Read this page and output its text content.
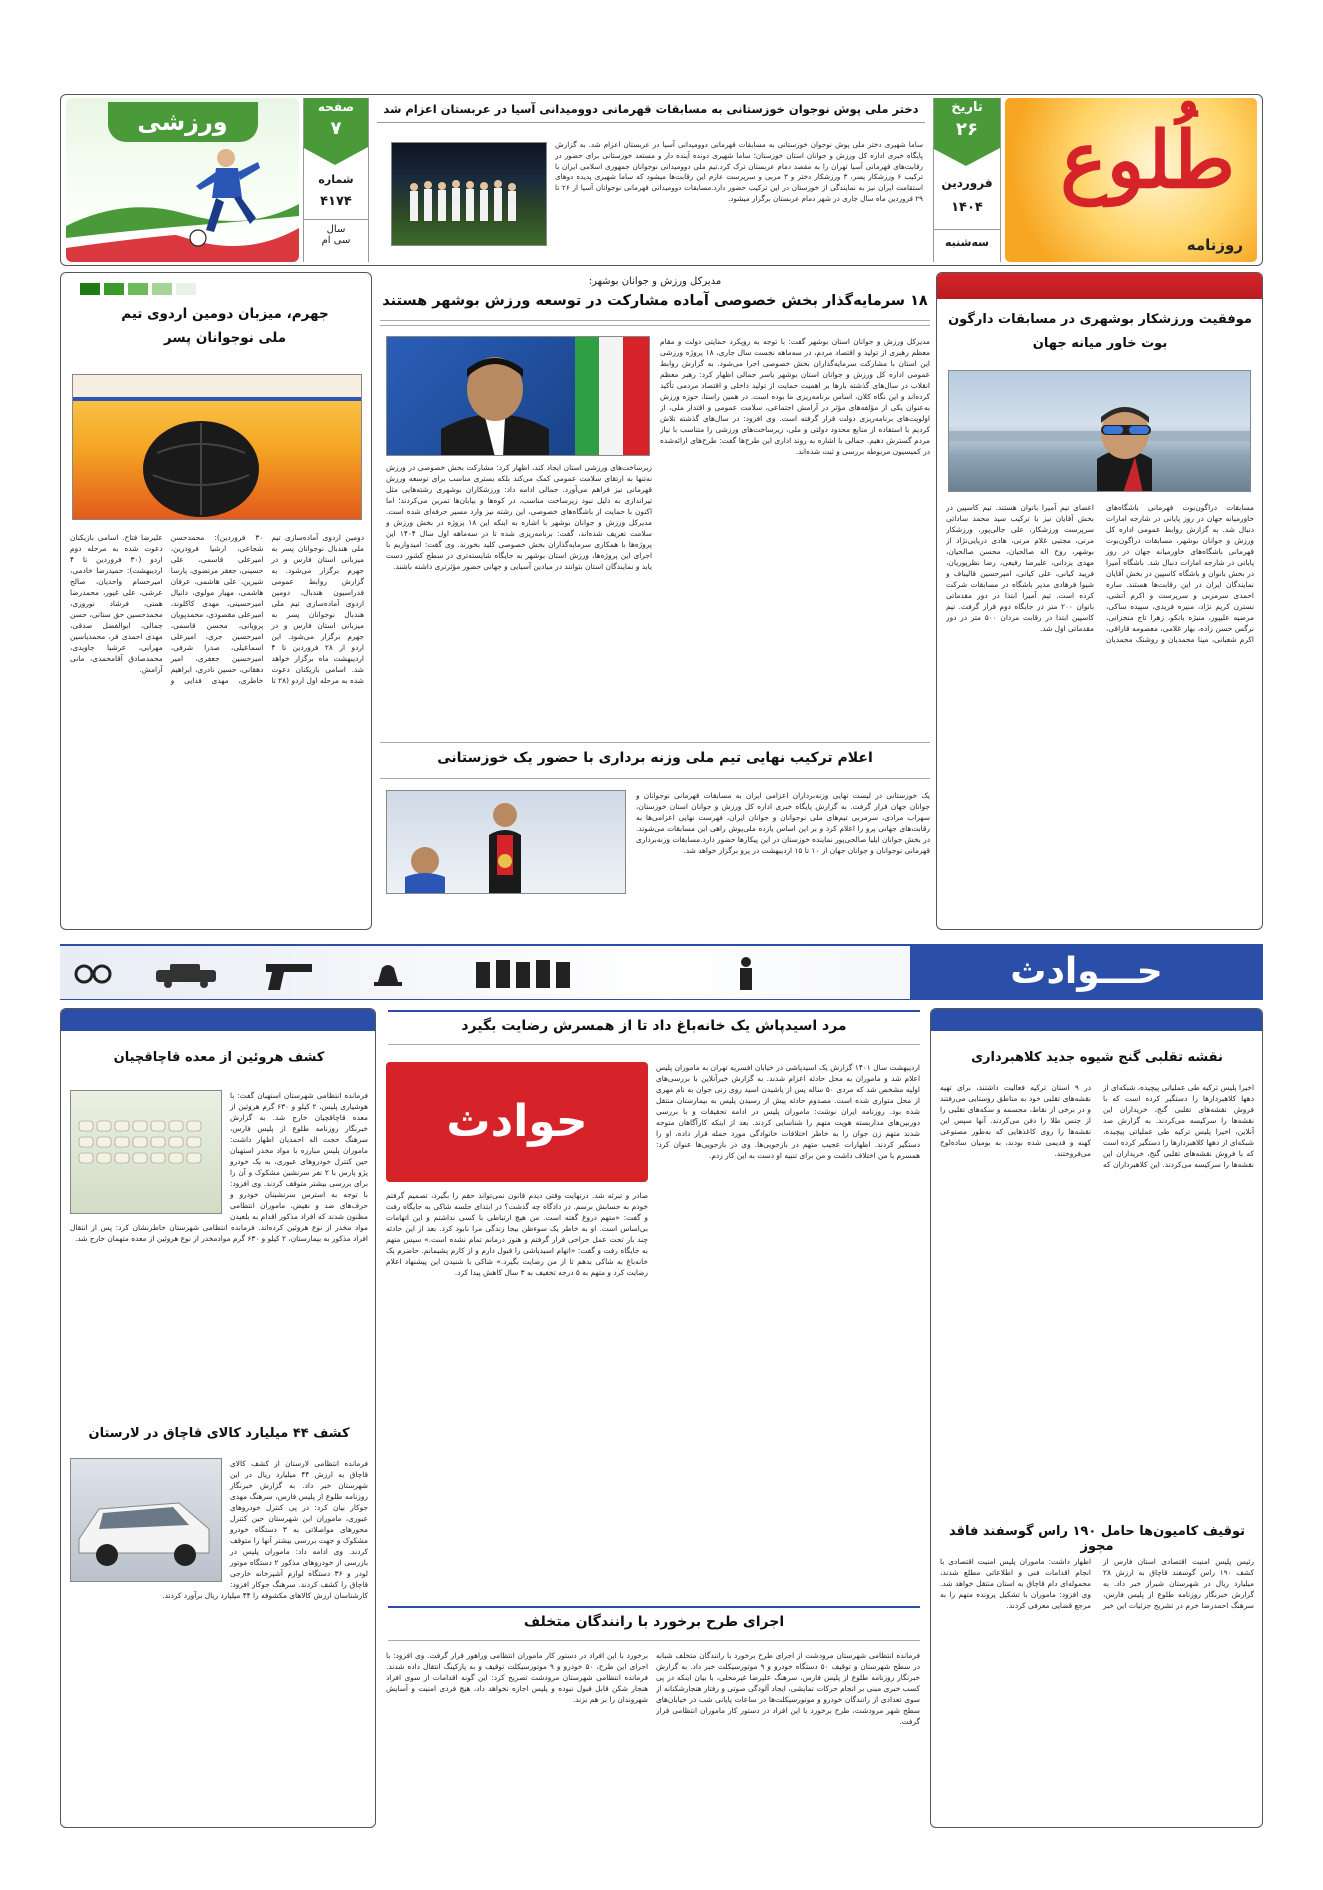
طُلوع
روزنامه
تاریخ
۲۶
فروردین
۱۴۰۴
سه‌شنبه
دختر ملی پوش نوجوان خوزستانی به مسابقات قهرمانی دوومیدانی آسیا در عربستان اعزام شد
ساما شهیری دختر ملی پوش نوجوان خوزستانی به مسابقات قهرمانی دوومیدانی آسیا در عربستان اعزام شد. به گزارش پایگاه خبری اداره کل ورزش و جوانان استان خوزستان؛ ساما شهیری دونده آینده دار و مستعد خوزستانی برای حضور در رقابت‌های قهرمانی آسیا تهران را به مقصد دمام عربستان ترک کرد.تیم ملی دوومیدانی نوجوانان جمهوری اسلامی ایران با ترکیب ۶ ورزشکار پسر، ۳ ورزشکار دختر و ۳ مربی و سرپرست عازم این رقابت‌ها میشود که ساما شهیری پدیده دوهای استقامت ایران نیز به نمایندگی از خوزستان در این ترکیب حضور دارد.مسابقات دوومیدانی قهرمانی نوجوانان آسیا از ۲۶ تا ۲۹ فروردین ماه سال جاری در شهر دمام عربستان برگزار میشود.
صفحه
۷
شماره
۴۱۷۴
سال
سی ام
ورزشی
موفقیت ورزشکار بوشهری در مسابقات دارگون بوت خاور میانه جهان
مسابقات دراگون‌بوت قهرمانی باشگاه‌های خاورمیانه جهان در روز پایانی در شارجه امارات دنبال شد. به گزارش روابط عمومی اداره کل ورزش و جوانان بوشهر، مسابقات دراگون‌بوت قهرمانی باشگاه‌های خاورمیانه جهان در روز پایانی در شارجه امارات دنبال شد. باشگاه آمیرا در بخش بانوان و باشگاه کاسپین در بخش آقایان نمایندگان ایران در این رقابت‌ها هستند. ساره احمدی سرمربی و سرپرست و اکرم آتشی، نسترن کریم نژاد، منیره فریدی، سپیده ساکی، مرضیه علیپور، منیژه بانکو، زهرا تاج منجزانی، نرگس حسن زاده، بهار غلامی، معصومه قاراقی، اکرم شعبانی، مینا محمدیان و روشنک محمدیان اعضای تیم آمیرا بانوان هستند. تیم کاسپین در بخش آقایان نیز با ترکیب سید محمد ساداتی سرپرست ورزشکار، علی جالی‌پور، ورزشکار مرنی، مجتبی غلام مرنی، هادی دریایی‌نژاد از بوشهر، روح اله صالحیان، محسن صالحیان، مهدی یزدانی، علیرضا رفیعی، رضا نظرپوریان، فریبد کیانی، علی کیانی، امیرحسین قالیباف و شیوا فرهادی مدیر باشگاه در مسابقات شرکت کرده است. تیم آمیرا ابتدا در دور مقدماتی بانوان ۲۰۰ متر در جایگاه دوم قرار گرفت. تیم کاسپین ابتدا در رقابت مردان ۵۰۰ متر در دور مقدماتی اول شد.
مدیرکل ورزش و جوانان بوشهر:
۱۸ سرمایه‌گذار بخش خصوصی آماده مشارکت در توسعه ورزش بوشهر هستند
مدیرکل ورزش و جوانان استان بوشهر گفت: با توجه به رویکرد حمایتی دولت و مقام معظم رهبری از تولید و اقتصاد مردم، در سه‌ماهه نخست سال جاری، ۱۸ پروژه ورزشی این استان با مشارکت سرمایه‌گذاران بخش خصوصی اجرا می‌شود. به گزارش روابط عمومی اداره کل ورزش و جوانان استان بوشهر یاسر جمالی اظهار کرد: رهبر معظم انقلاب در سال‌های گذشته بارها بر اهمیت حمایت از تولید داخلی و اقتصاد مردمی تأکید کرده‌اند و این نگاه کلان، اساس برنامه‌ریزی ما بوده است. در همین راستا، حوزه ورزش به‌عنوان یکی از مؤلفه‌های مؤثر در آرامش اجتماعی، سلامت عمومی و اقتدار ملی، از اولویت‌های برنامه‌ریزی دولت قرار گرفته است. وی افزود: در سال‌های گذشته تلاش کردیم با استفاده از منابع محدود دولتی و ملی، زیرساخت‌های ورزشی را متناسب با نیاز مردم گسترش دهیم. جمالی با اشاره به روند اداری این طرح‌ها گفت: طرح‌های ارائه‌شده در کمیسیون مربوطه بررسی و ثبت شده‌اند.
زیرساخت‌های ورزشی استان ایجاد کند، اظهار کرد: مشارکت بخش خصوصی در ورزش نه‌تنها به ارتقای سلامت عمومی کمک می‌کند بلکه بستری مناسب برای توسعه ورزش قهرمانی نیز فراهم می‌آورد. جمالی ادامه داد: ورزشکاران بوشهری رشته‌هایی مثل تیراندازی به دلیل نبود زیرساخت مناسب، در کوه‌ها و بیابان‌ها تمرین می‌کردند؛ اما اکنون با حمایت از باشگاه‌های خصوصی، این رشته نیز وارد مسیر حرفه‌ای شده است. مدیرکل ورزش و جوانان بوشهر با اشاره به اینکه این ۱۸ پروژه در بخش ورزش و سلامت تعریف شده‌اند، گفت: برنامه‌ریزی شده تا در سه‌ماهه اول سال ۱۴۰۴ این پروژه‌ها با همکاری سرمایه‌گذاران بخش خصوصی کلید بخورند. وی گفت: امیدواریم با اجرای این پروژه‌ها، ورزش استان بوشهر به جایگاه شایسته‌تری در سطح کشور دست یابد و نمایندگان استان بتوانند در میادین آسیایی و جهانی حضور مؤثرتری داشته باشند.
اعلام ترکیب نهایی تیم ملی وزنه برداری با حضور یک خوزستانی
یک خوزستانی در لیست نهایی وزنه‌برداران اعزامی ایران به مسابقات قهرمانی نوجوانان و جوانان جهان قرار گرفت. به گزارش پایگاه خبری اداره کل ورزش و جوانان استان خوزستان، سهراب مرادی، سرمربی تیم‌های ملی نوجوانان و جوانان ایران، فهرست نهایی اعزامی‌ها به رقابت‌های جهانی پرو را اعلام کرد و بر این اساس یازده ملی‌پوش راهی این مسابقات می‌شوند. در بخش جوانان ایلیا صالحی‌پور نماینده خوزستان در این پیکارها حضور دارد.مسابقات وزنه‌برداری قهرمانی نوجوانان و جوانان جهان از ۱۰ تا ۱۵ اردیبهشت در پرو برگزار خواهد شد.
جهرم، میزبان دومین اردوی تیم ملی نوجوانان پسر
دومین اردوی آماده‌سازی تیم ملی هندبال نوجوانان پسر به میزبانی استان فارس و در جهرم برگزار می‌شود. به گزارش روابط عمومی فدراسیون هندبال، دومین اردوی آماده‌سازی تیم ملی هندبال نوجوانان پسر به میزبانی استان فارس و در جهرم برگزار می‌شود. این اردو از ۲۸ فروردین تا ۴ اردیبهشت ماه برگزار خواهد شد. اسامی بازیکنان دعوت شده به مرحله اول اردو (۲۸ تا ۳۰ فروردین): محمدحسن شجاعی، ارشیا فرودرین، امیرعلی قاسمی، علی حسینی، جعفر مرتضوی، پارسا شیرین، علی هاشمی، عرفان هاشمی، مهیار مولوی، دانیال امیرحسینی، مهدی کاکلوند، امیرعلی مقصودی، محمدپویان پرویانی، محسن قاسمی، امیرحسین جری، امیرعلی اسماعیلی، صدرا شرفی، امیرحسین جعفری، امیر دهقانی، حسین نادری، ابراهیم خاطری، مهدی فدایی و علیرضا فتاح. اسامی بازیکنان دعوت شده به مرحله دوم اردو (۳۰ فروردین تا ۴ اردیبهشت): حمیدرضا خادمی، امیرحسام واحدیان، صالح عرشی، علی غیور، محمدرضا همتی، فرشاد نوروزی، محمدحسین حق ستانی، حسن جمالی، ابوالفضل صدقی، مهدی احمدی فر، محمدیاسین مهرابی، عرشیا جاویدی، محمدصادق آقامحمدی، مانی آرامش.
حـــوادث
نقشه تقلبی گنج شیوه جدید کلاهبرداری
اخیرا پلیس ترکیه طی عملیاتی پیچیده، شبکه‌ای از دهها کلاهبردارها را دستگیر کرده است که با فروش نقشه‌های تقلبی گنج، خریداران این نقشه‌ها را سرکیسه می‌کردند. به گزارش صد آنلاین، اخیرا پلیس ترکیه طی عملیاتی پیچیده، شبکه‌ای از دهها کلاهبردارها را دستگیر کرده است که با فروش نقشه‌های تقلبی گنج، خریداران این نقشه‌ها را سرکیسه می‌کردند. این کلاهبرداران که در ۹ استان ترکیه فعالیت داشتند، برای تهیه نقشه‌های تقلبی خود به مناطق روستایی می‌رفتند و در برخی از نقاط، مجسمه و سکه‌های تقلبی را از جنس طلا را دفن می‌کردند. آنها سپس این نقشه‌ها را روی کاغذهایی که به‌طور مصنوعی کهنه و قدیمی شده بودند، به بومیان ساده‌لوح می‌فروختند.
توقیف کامیون‌ها حامل ۱۹۰ راس گوسفند فاقد مجوز
رئیس پلیس امنیت اقتصادی استان فارس از کشف ۱۹۰ راس گوسفند قاچاق به ارزش ۲۸ میلیارد ریال در شهرستان شیراز خبر داد. به گزارش خبرنگار روزنامه طلوع از پلیس فارس، سرهنگ احمدرضا خرم در تشریح جزئیات این خبر اظهار داشت: ماموران پلیس امنیت اقتصادی با انجام اقدامات فنی و اطلاعاتی مطلع شدند، محموله‌ای دام قاچاق به استان منتقل خواهد شد. وی افزود: ماموران با تشکیل پرونده متهم را به مرجع قضایی معرفی کردند.
مرد اسیدپاش یک خانه‌باغ داد تا از همسرش رضایت بگیرد
حوادث
اردیبهشت سال ۱۴۰۱ گزارش یک اسیدپاشی در خیابان افسریه تهران به ماموران پلیس اعلام شد و ماموران به محل حادثه اعزام شدند. به گزارش خبرآنلاین با بررسی‌های اولیه مشخص شد که مردی ۵۰ ساله پس از پاشیدن اسید روی زنی جوان به نام مهری از محل متواری شده است. مصدوم حادثه پیش از رسیدن پلیس به بیمارستان منتقل شده بود. روزنامه ایران نوشت: ماموران پلیس در ادامه تحقیقات و با بررسی دوربین‌های مداربسته هویت متهم را شناسایی کردند. بعد از اینکه کارآگاهان متوجه شدند متهم زن جوان را به خاطر اختلافات خانوادگی مورد حمله قرار داده، او را دستگیر کردند. اظهارات عجیب متهم در بازجویی‌ها. وی در بازجویی‌ها عنوان کرد: همسرم با من اختلاف داشت و من برای تنبیه او دست به این کار زدم.
صادر و تبرئه شد. درنهایت وقتی دیدم قانون نمی‌تواند حقم را بگیرد، تصمیم گرفتم خودم به حسابش برسم. در دادگاه چه گذشت؟ در ابتدای جلسه شاکی به جایگاه رفت و گفت: «متهم دروغ گفته است. من هیچ ارتباطی با کسی نداشتم و این اتهامات بی‌اساس است. او به خاطر یک سوءظن بیجا زندگی مرا نابود کرد. بعد از این حادثه چند بار تحت عمل جراحی قرار گرفتم و هنوز درمانم تمام نشده است.» سپس متهم به جایگاه رفت و گفت: «اتهام اسیدپاشی را قبول دارم و از کارم پشیمانم. حاضرم یک خانه‌باغ به شاکی بدهم تا از من رضایت بگیرد.» شاکی با شنیدن این پیشنهاد اعلام رضایت کرد و متهم به ۵ درجه تخفیف به ۳ سال کاهش پیدا کرد.
اجرای طرح برخورد با رانندگان متخلف
فرمانده انتظامی شهرستان مرودشت از اجرای طرح برخورد با رانندگان متخلف شبانه در سطح شهرستان و توقیف ۵۰ دستگاه خودرو و ۹ موتورسیکلت خبر داد. به گزارش خبرنگار روزنامه طلوع از پلیس فارس، سرهنگ علیرضا غیرمحلی، با بیان اینکه در پی کسب خبری مبنی بر انجام حرکات نمایشی، ایجاد آلودگی صوتی و رفتار هنجارشکنانه از سوی تعدادی از رانندگان خودرو و موتورسیکلت‌ها در ساعات پایانی شب در خیابان‌های سطح شهر مرودشت، طرح برخورد با این افراد در دستور کار ماموران انتظامی قرار گرفت.
برخورد با این افراد در دستور کار ماموران انتظامی وراهور قرار گرفت. وی افزود: با اجرای این طرح، ۵۰ خودرو و ۹ موتورسیکلت توقیف و به پارکینگ انتقال داده شدند. فرمانده انتظامی شهرستان مرودشت تصریح کرد: این گونه اقدامات از سوی افراد هنجار شکن قابل قبول نبوده و پلیس اجازه نخواهد داد، هیچ فردی امنیت و آسایش شهروندان را بر هم بزند.
کشف هروئین از معده قاچاقچیان
فرمانده انتظامی شهرستان استهبان گفت: با هوشیاری پلیس، ۲ کیلو و ۶۳۰ گرم هروئین از معده قاچاقچیان خارج شد. به گزارش خبرنگار روزنامه طلوع از پلیس فارس، سرهنگ حجت اله احمدیان اظهار داشت: ماموران پلیس مبارزه با مواد مخدر استهبان حین کنترل خودروهای عبوری، به یک خودرو پژو پارس با ۲ نفر سرنشین مشکوک و آن را برای بررسی بیشتر متوقف کردند. وی افزود: با توجه به استرس سرنشینان خودرو و حرف‌های ضد و نقیض، ماموران انتظامی مظنون شدند که افراد مذکور اقدام به بلعیدن مواد مخدر از نوع هروئین کرده‌اند. فرمانده انتظامی شهرستان خاطرنشان کرد: پس از انتقال افراد مذکور به بیمارستان، ۲ کیلو و ۶۳۰ گرم موادمخدر از نوع هروئین از معده متهمان خارج شد.
کشف ۴۴ میلیارد کالای قاچاق در لارستان
فرمانده انتظامی لارستان از کشف کالای قاچاق به ارزش ۴۴ میلیارد ریال در این شهرستان خبر داد. به گزارش خبرنگار روزنامه طلوع از پلیس فارس، سرهنگ مهدی جوکار بیان کرد: در پی کنترل خودروهای عبوری، ماموران این شهرستان حین کنترل محورهای مواصلاتی به ۳ دستگاه خودرو مشکوک و جهت بررسی بیشتر آنها را متوقف کردند. وی ادامه داد: ماموران پلیس در بازرسی از خودروهای مذکور ۲ دستگاه موتور لودر و ۳۶ دستگاه لوازم آشپزخانه خارجی قاچاق را کشف کردند. سرهنگ جوکار افزود: کارشناسان ارزش کالاهای مکشوفه را ۴۴ میلیارد ریال برآورد کردند.
